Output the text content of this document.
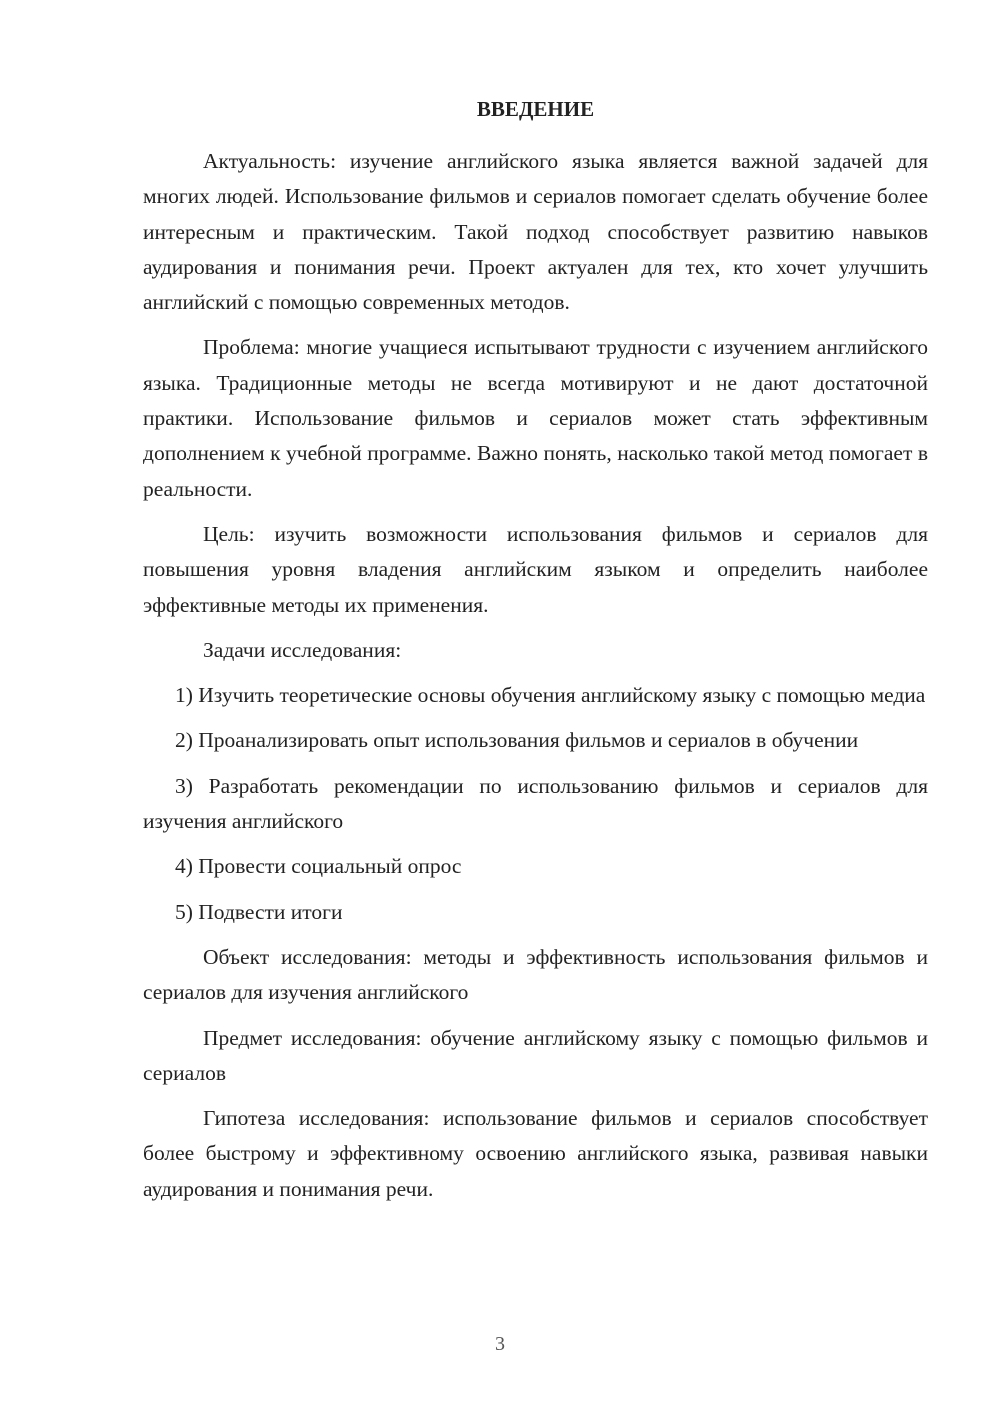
ВВЕДЕНИЕ

Актуальность: изучение английского языка является важной задачей для многих людей. Использование фильмов и сериалов помогает сделать обучение более интересным и практическим. Такой подход способствует развитию навыков аудирования и понимания речи. Проект актуален для тех, кто хочет улучшить английский с помощью современных методов.

Проблема: многие учащиеся испытывают трудности с изучением английского языка. Традиционные методы не всегда мотивируют и не дают достаточной практики. Использование фильмов и сериалов может стать эффективным дополнением к учебной программе. Важно понять, насколько такой метод помогает в реальности.

Цель: изучить возможности использования фильмов и сериалов для повышения уровня владения английским языком и определить наиболее эффективные методы их применения.

Задачи исследования:

1) Изучить теоретические основы обучения английскому языку с помощью медиа

2) Проанализировать опыт использования фильмов и сериалов в обучении

3) Разработать рекомендации по использованию фильмов и сериалов для изучения английского

4) Провести социальный опрос

5) Подвести итоги

Объект исследования: методы и эффективность использования фильмов и сериалов для изучения английского

Предмет исследования: обучение английскому языку с помощью фильмов и сериалов

Гипотеза исследования: использование фильмов и сериалов способствует более быстрому и эффективному освоению английского языка, развивая навыки аудирования и понимания речи.

3
